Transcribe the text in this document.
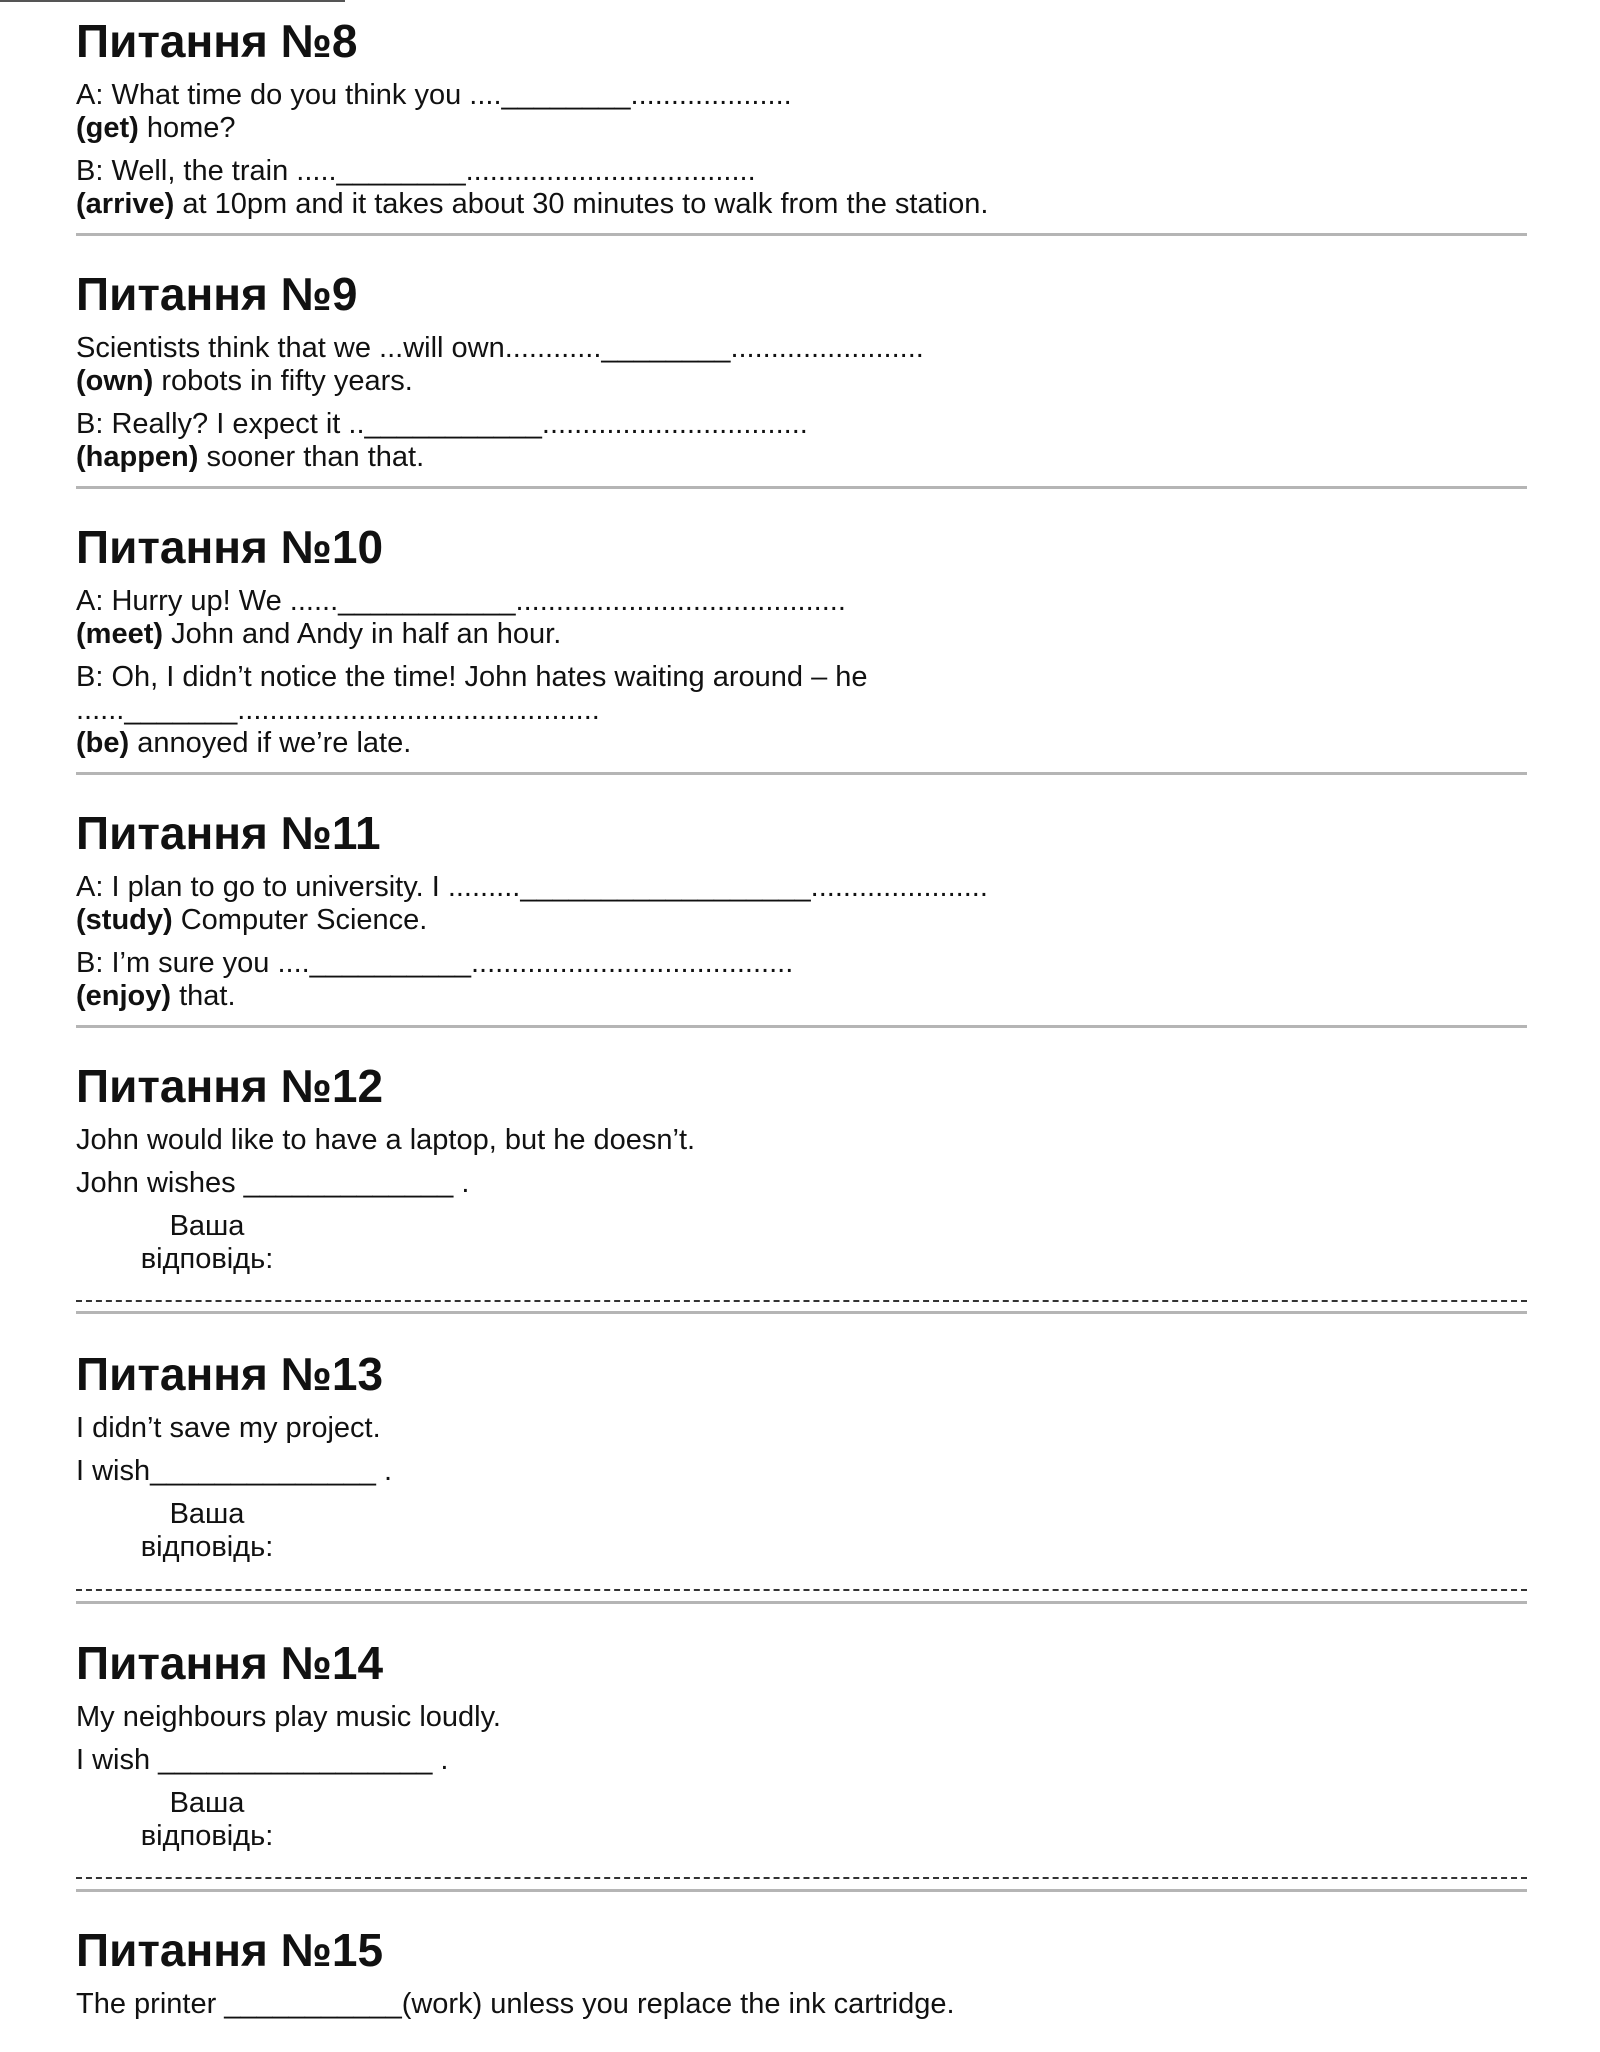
Питання №8
A: What time do you think you ....________....................
(get) home?
B: Well, the train .....________....................................
(arrive) at 10pm and it takes about 30 minutes to walk from the station.
Питання №9
Scientists think that we ...will own............________........................
(own) robots in fifty years.
B: Really? I expect it ..___________.................................
(happen) sooner than that.
Питання №10
A: Hurry up! We ......___________.........................................
(meet) John and Andy in half an hour.
B: Oh, I didn’t notice the time! John hates waiting around – he
......_______.............................................
(be) annoyed if we’re late.
Питання №11
A: I plan to go to university. I .........__________________......................
(study) Computer Science.
B: I’m sure you ....__________........................................
(enjoy) that.
Питання №12
John would like to have a laptop, but he doesn’t.
John wishes _____________ .
Ваша
відповідь:
Питання №13
I didn’t save my project.
I wish______________ .
Ваша
відповідь:
Питання №14
My neighbours play music loudly.
I wish _________________ .
Ваша
відповідь:
Питання №15
The printer ___________(work) unless you replace the ink cartridge.
